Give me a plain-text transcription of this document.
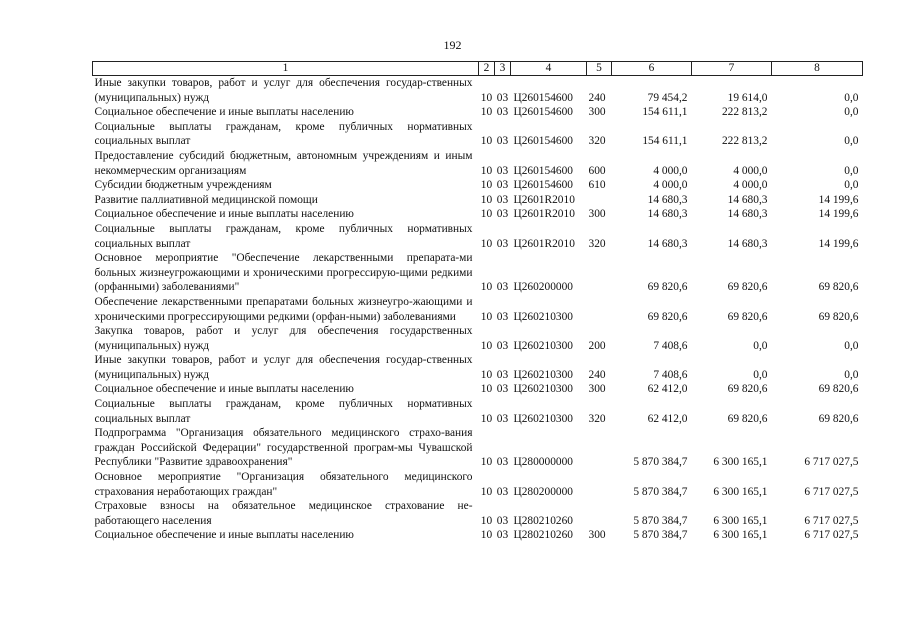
192
1	2	3	4	5	6	7	8
Иные закупки товаров, работ и услуг для обеспечения государ-ственных (муниципальных) нужд	10	03	Ц260154600	240	79 454,2	19 614,0	0,0
Социальное обеспечение и иные выплаты населению	10	03	Ц260154600	300	154 611,1	222 813,2	0,0
Социальные выплаты гражданам, кроме публичных нормативных социальных выплат	10	03	Ц260154600	320	154 611,1	222 813,2	0,0
Предоставление субсидий бюджетным, автономным учреждениям и иным некоммерческим организациям	10	03	Ц260154600	600	4 000,0	4 000,0	0,0
Субсидии бюджетным учреждениям	10	03	Ц260154600	610	4 000,0	4 000,0	0,0
Развитие паллиативной медицинской помощи	10	03	Ц2601R2010		14 680,3	14 680,3	14 199,6
Социальное обеспечение и иные выплаты населению	10	03	Ц2601R2010	300	14 680,3	14 680,3	14 199,6
Социальные выплаты гражданам, кроме публичных нормативных социальных выплат	10	03	Ц2601R2010	320	14 680,3	14 680,3	14 199,6
Основное мероприятие "Обеспечение лекарственными препарата-ми больных жизнеугрожающими и хроническими прогрессирую-щими редкими (орфанными) заболеваниями"	10	03	Ц260200000		69 820,6	69 820,6	69 820,6
Обеспечение лекарственными препаратами больных жизнеугро-жающими и хроническими прогрессирующими редкими (орфан-ными) заболеваниями	10	03	Ц260210300		69 820,6	69 820,6	69 820,6
Закупка товаров, работ и услуг для обеспечения государственных (муниципальных) нужд	10	03	Ц260210300	200	7 408,6	0,0	0,0
Иные закупки товаров, работ и услуг для обеспечения государ-ственных (муниципальных) нужд	10	03	Ц260210300	240	7 408,6	0,0	0,0
Социальное обеспечение и иные выплаты населению	10	03	Ц260210300	300	62 412,0	69 820,6	69 820,6
Социальные выплаты гражданам, кроме публичных нормативных социальных выплат	10	03	Ц260210300	320	62 412,0	69 820,6	69 820,6
Подпрограмма "Организация обязательного медицинского страхо-вания граждан Российской Федерации" государственной програм-мы Чувашской Республики "Развитие здравоохранения"	10	03	Ц280000000		5 870 384,7	6 300 165,1	6 717 027,5
Основное мероприятие "Организация обязательного медицинского страхования неработающих граждан"	10	03	Ц280200000		5 870 384,7	6 300 165,1	6 717 027,5
Страховые взносы на обязательное медицинское страхование не-работающего населения	10	03	Ц280210260		5 870 384,7	6 300 165,1	6 717 027,5
Социальное обеспечение и иные выплаты населению	10	03	Ц280210260	300	5 870 384,7	6 300 165,1	6 717 027,5
